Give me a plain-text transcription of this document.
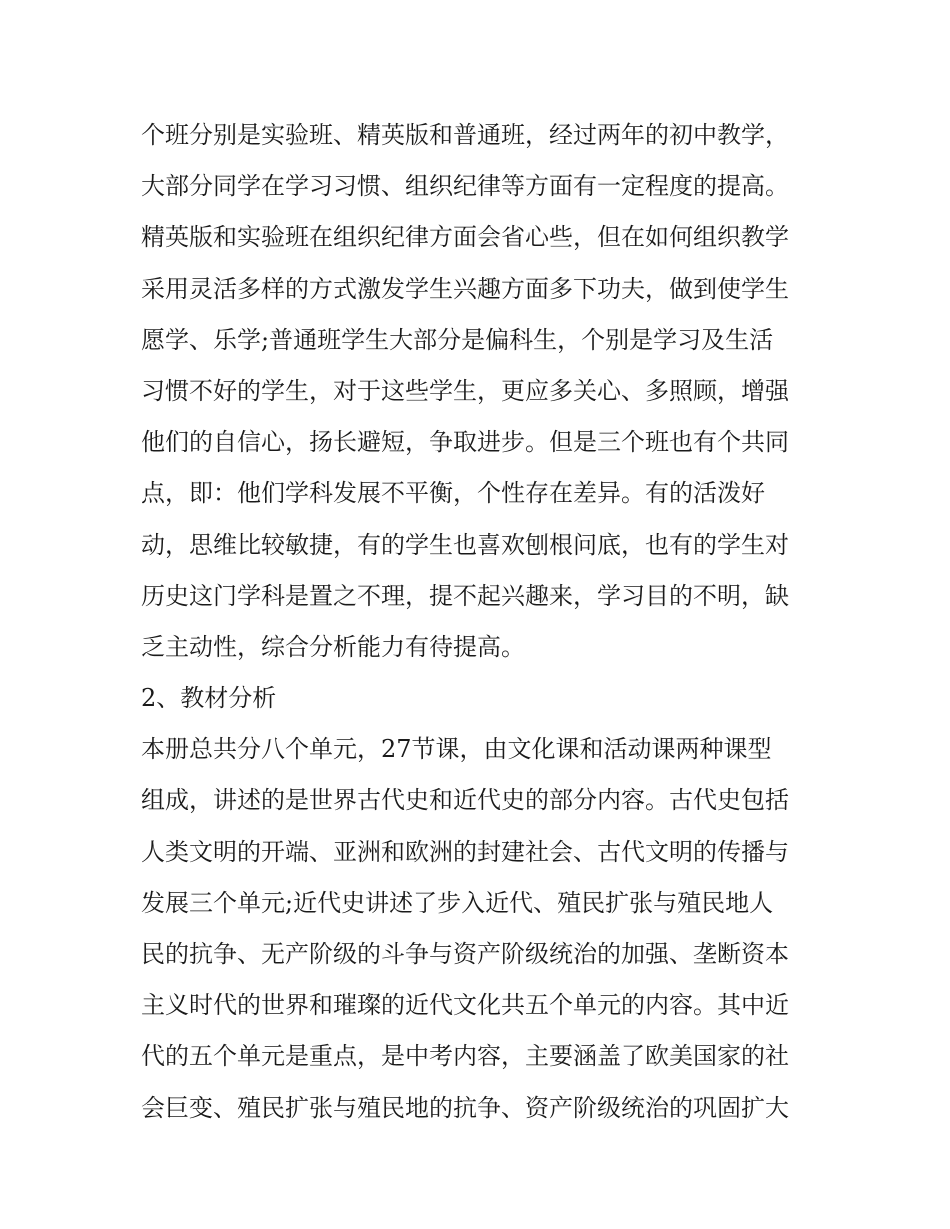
个班分别是实验班、精英版和普通班，经过两年的初中教学，
大部分同学在学习习惯、组织纪律等方面有一定程度的提高。
精英版和实验班在组织纪律方面会省心些，但在如何组织教学
采用灵活多样的方式激发学生兴趣方面多下功夫，做到使学生
愿学、乐学;普通班学生大部分是偏科生，个别是学习及生活
习惯不好的学生，对于这些学生，更应多关心、多照顾，增强
他们的自信心，扬长避短，争取进步。但是三个班也有个共同
点，即：他们学科发展不平衡，个性存在差异。有的活泼好
动，思维比较敏捷，有的学生也喜欢刨根问底，也有的学生对
历史这门学科是置之不理，提不起兴趣来，学习目的不明，缺
乏主动性，综合分析能力有待提高。
2、教材分析
本册总共分八个单元，27节课，由文化课和活动课两种课型
组成，讲述的是世界古代史和近代史的部分内容。古代史包括
人类文明的开端、亚洲和欧洲的封建社会、古代文明的传播与
发展三个单元;近代史讲述了步入近代、殖民扩张与殖民地人
民的抗争、无产阶级的斗争与资产阶级统治的加强、垄断资本
主义时代的世界和璀璨的近代文化共五个单元的内容。其中近
代的五个单元是重点，是中考内容，主要涵盖了欧美国家的社
会巨变、殖民扩张与殖民地的抗争、资产阶级统治的巩固扩大
